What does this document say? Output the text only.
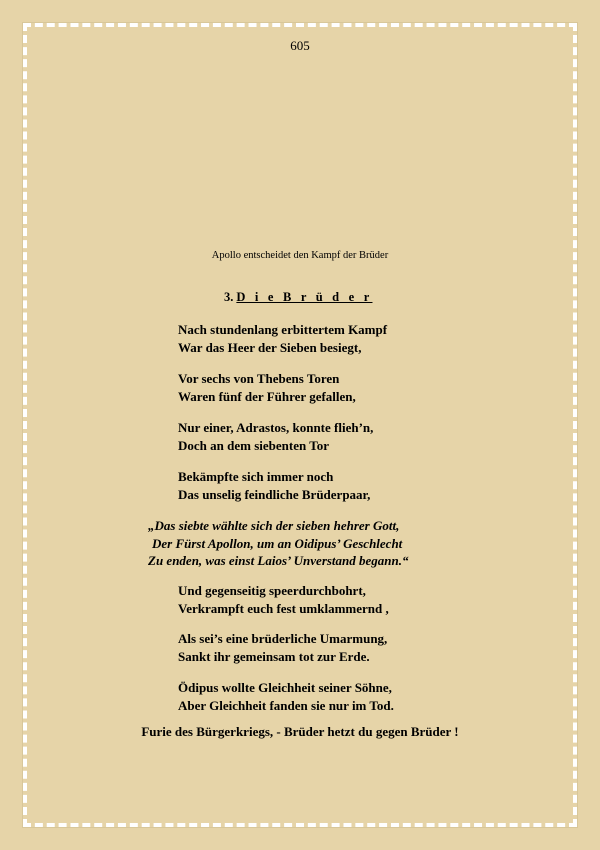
605
Apollo entscheidet den Kampf der Brüder
3. D i e B r ü d e r
Nach stundenlang erbittertem Kampf
War das Heer der Sieben besiegt,
Vor sechs von Thebens Toren
Waren fünf der Führer gefallen,
Nur einer, Adrastos, konnte flieh’n,
Doch an dem siebenten Tor
Bekämpfte sich immer noch
Das unselig feindliche Brüderpaar,
„Das siebte wählte sich der sieben hehrer Gott,
Der Fürst Apollon, um an Oidipus’ Geschlecht
Zu enden, was einst Laios’ Unverstand begann.“
Und gegenseitig speerdurchbohrt,
Verkrampft euch fest umklammernd ,
Als sei’s eine brüderliche Umarmung,
Sankt ihr gemeinsam tot zur Erde.
Ödipus wollte Gleichheit seiner Söhne,
Aber Gleichheit fanden sie nur im Tod.
Furie des Bürgerkriegs, - Brüder hetzt du gegen Brüder !
